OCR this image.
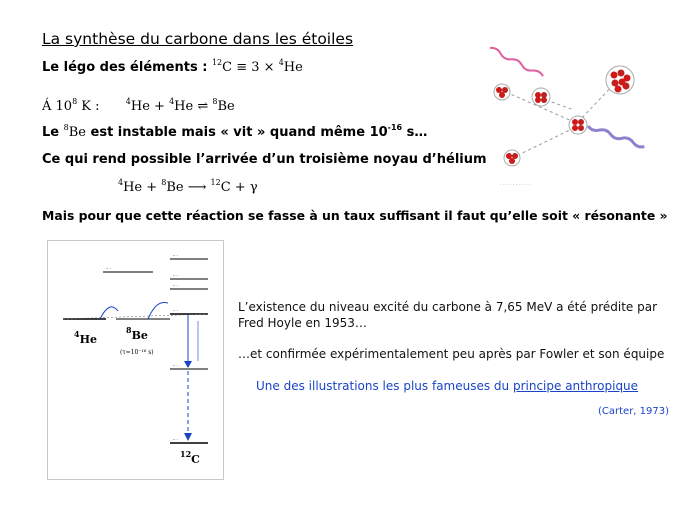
La synthèse du carbone dans les étoiles
Le légo des éléments : $^{12}$C ≡ 3 × $^4$He
Á $10^8$ K :	$^4$He + $^4$He ⇌ $^8$Be
Le $^8$Be est instable mais « vit » quand même $10^{-16}$ s…
Ce qui rend possible l’arrivée d’un troisième noyau d’hélium
$^4$He + $^8$Be ⟶ $^{12}$C + γ
Mais pour que cette réaction se fasse à un taux suffisant il faut qu’elle soit « résonante »
· · · · · · · · · ·
·· ·
·· ·
·· ·
·· ·
·· ·
·· ·
·· ·
$^4$He
$^8$Be
(τ≈10⁻¹⁶ s)
$^{12}$C
L’existence du niveau excité du carbone à 7,65 MeV a été prédite par
Fred Hoyle en 1953…
…et confirmée expérimentalement peu après par Fowler et son équipe
Une des illustrations les plus fameuses du principe anthropique
(Carter, 1973)
